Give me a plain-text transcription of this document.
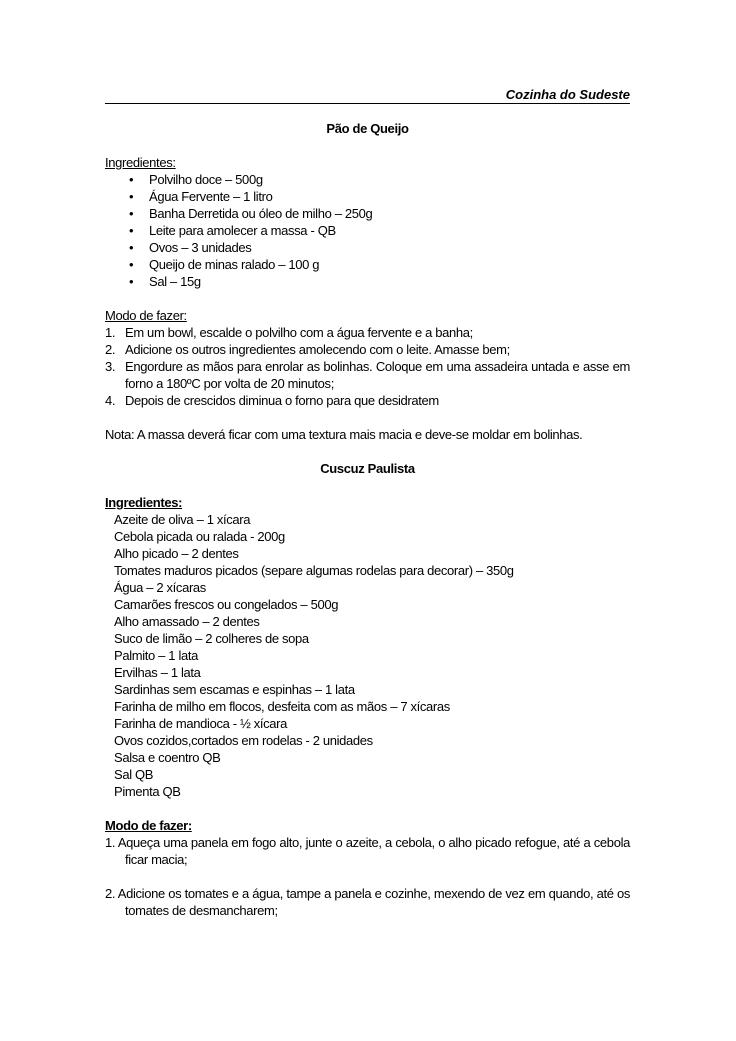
Cozinha do Sudeste

Pão de Queijo

Ingredientes:
• Polvilho doce – 500g
• Água Fervente – 1 litro
• Banha Derretida ou óleo de milho – 250g
• Leite para amolecer a massa - QB
• Ovos – 3 unidades
• Queijo de minas ralado – 100 g
• Sal – 15g
Modo de fazer:
1. Em um bowl, escalde o polvilho com a água fervente e a banha;
2. Adicione os outros ingredientes amolecendo com o leite. Amasse bem;
3. Engordure as mãos para enrolar as bolinhas. Coloque em uma assadeira untada e asse em forno a 180ºC por volta de 20 minutos;
4. Depois de crescidos diminua o forno para que desidratem

Nota: A massa deverá ficar com uma textura mais macia e deve-se moldar em bolinhas.

Cuscuz Paulista

Ingredientes:

Azeite de oliva – 1 xícara

Cebola picada ou ralada - 200g

Alho picado – 2 dentes

Tomates maduros picados (separe algumas rodelas para decorar) – 350g

Água – 2 xícaras

Camarões frescos ou congelados – 500g

Alho amassado – 2 dentes

Suco de limão – 2 colheres de sopa

Palmito – 1 lata

Ervilhas – 1 lata

Sardinhas sem escamas e espinhas – 1 lata

Farinha de milho em flocos, desfeita com as mãos – 7 xícaras

Farinha de mandioca - ½ xícara

Ovos cozidos,cortados em rodelas - 2 unidades

Salsa e coentro QB

Sal QB

Pimenta QB

Modo de fazer:

1. Aqueça uma panela em fogo alto, junte o azeite, a cebola, o alho picado refogue, até a cebola ficar macia;

2. Adicione os tomates e a água, tampe a panela e cozinhe, mexendo de vez em quando, até os tomates de desmancharem;
